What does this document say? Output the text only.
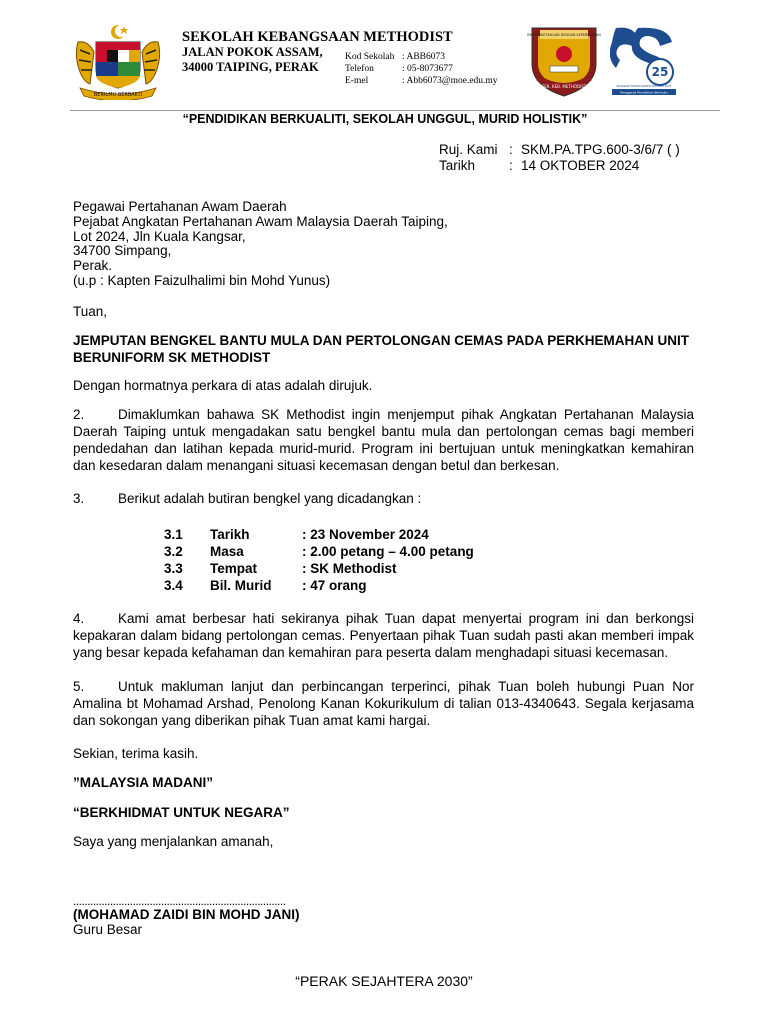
BERILMU BERBAKTI
SEKOLAH KEBANGSAAN METHODIST
JALAN POKOK ASSAM,
34000 TAIPING, PERAK
Kod Sekolah : ABB6073
Telefon	: 05-8073677
E-mel	: Abb6073@moe.edu.my
BERPENGETAHUAN DENGAN KEPERCAYAAN
SEK. KEB. METHODIST
25
PROGRAM TRANSFORMASI SEKOLAH 2025
Penggerak Pendidikan Bermutu
“PENDIDIKAN BERKUALITI, SEKOLAH UNGGUL, MURID HOLISTIK”
Ruj. Kami : SKM.PA.TPG.600-3/6/7 ( )
Tarikh	: 14 OKTOBER 2024
Pegawai Pertahanan Awam Daerah
Pejabat Angkatan Pertahanan Awam Malaysia Daerah Taiping,
Lot 2024, Jln Kuala Kangsar,
34700 Simpang,
Perak.
(u.p : Kapten Faizulhalimi bin Mohd Yunus)
Tuan,
JEMPUTAN BENGKEL BANTU MULA DAN PERTOLONGAN CEMAS PADA PERKHEMAHAN UNIT BERUNIFORM SK METHODIST
Dengan hormatnya perkara di atas adalah dirujuk.
2. Dimaklumkan bahawa SK Methodist ingin menjemput pihak Angkatan Pertahanan Malaysia Daerah Taiping untuk mengadakan satu bengkel bantu mula dan pertolongan cemas bagi memberi pendedahan dan latihan kepada murid-murid. Program ini bertujuan untuk meningkatkan kemahiran dan kesedaran dalam menangani situasi kecemasan dengan betul dan berkesan.
3. Berikut adalah butiran bengkel yang dicadangkan :
3.1 Tarikh	: 23 November 2024
3.2 Masa	: 2.00 petang – 4.00 petang
3.3 Tempat	: SK Methodist
3.4 Bil. Murid : 47 orang
4. Kami amat berbesar hati sekiranya pihak Tuan dapat menyertai program ini dan berkongsi kepakaran dalam bidang pertolongan cemas. Penyertaan pihak Tuan sudah pasti akan memberi impak yang besar kepada kefahaman dan kemahiran para peserta dalam menghadapi situasi kecemasan.
5. Untuk makluman lanjut dan perbincangan terperinci, pihak Tuan boleh hubungi Puan Nor Amalina bt Mohamad Arshad, Penolong Kanan Kokurikulum di talian 013-4340643. Segala kerjasama dan sokongan yang diberikan pihak Tuan amat kami hargai.
Sekian, terima kasih.
”MALAYSIA MADANI”
“BERKHIDMAT UNTUK NEGARA”
Saya yang menjalankan amanah,
...........................................................................
(MOHAMAD ZAIDI BIN MOHD JANI)
Guru Besar
“PERAK SEJAHTERA 2030”
